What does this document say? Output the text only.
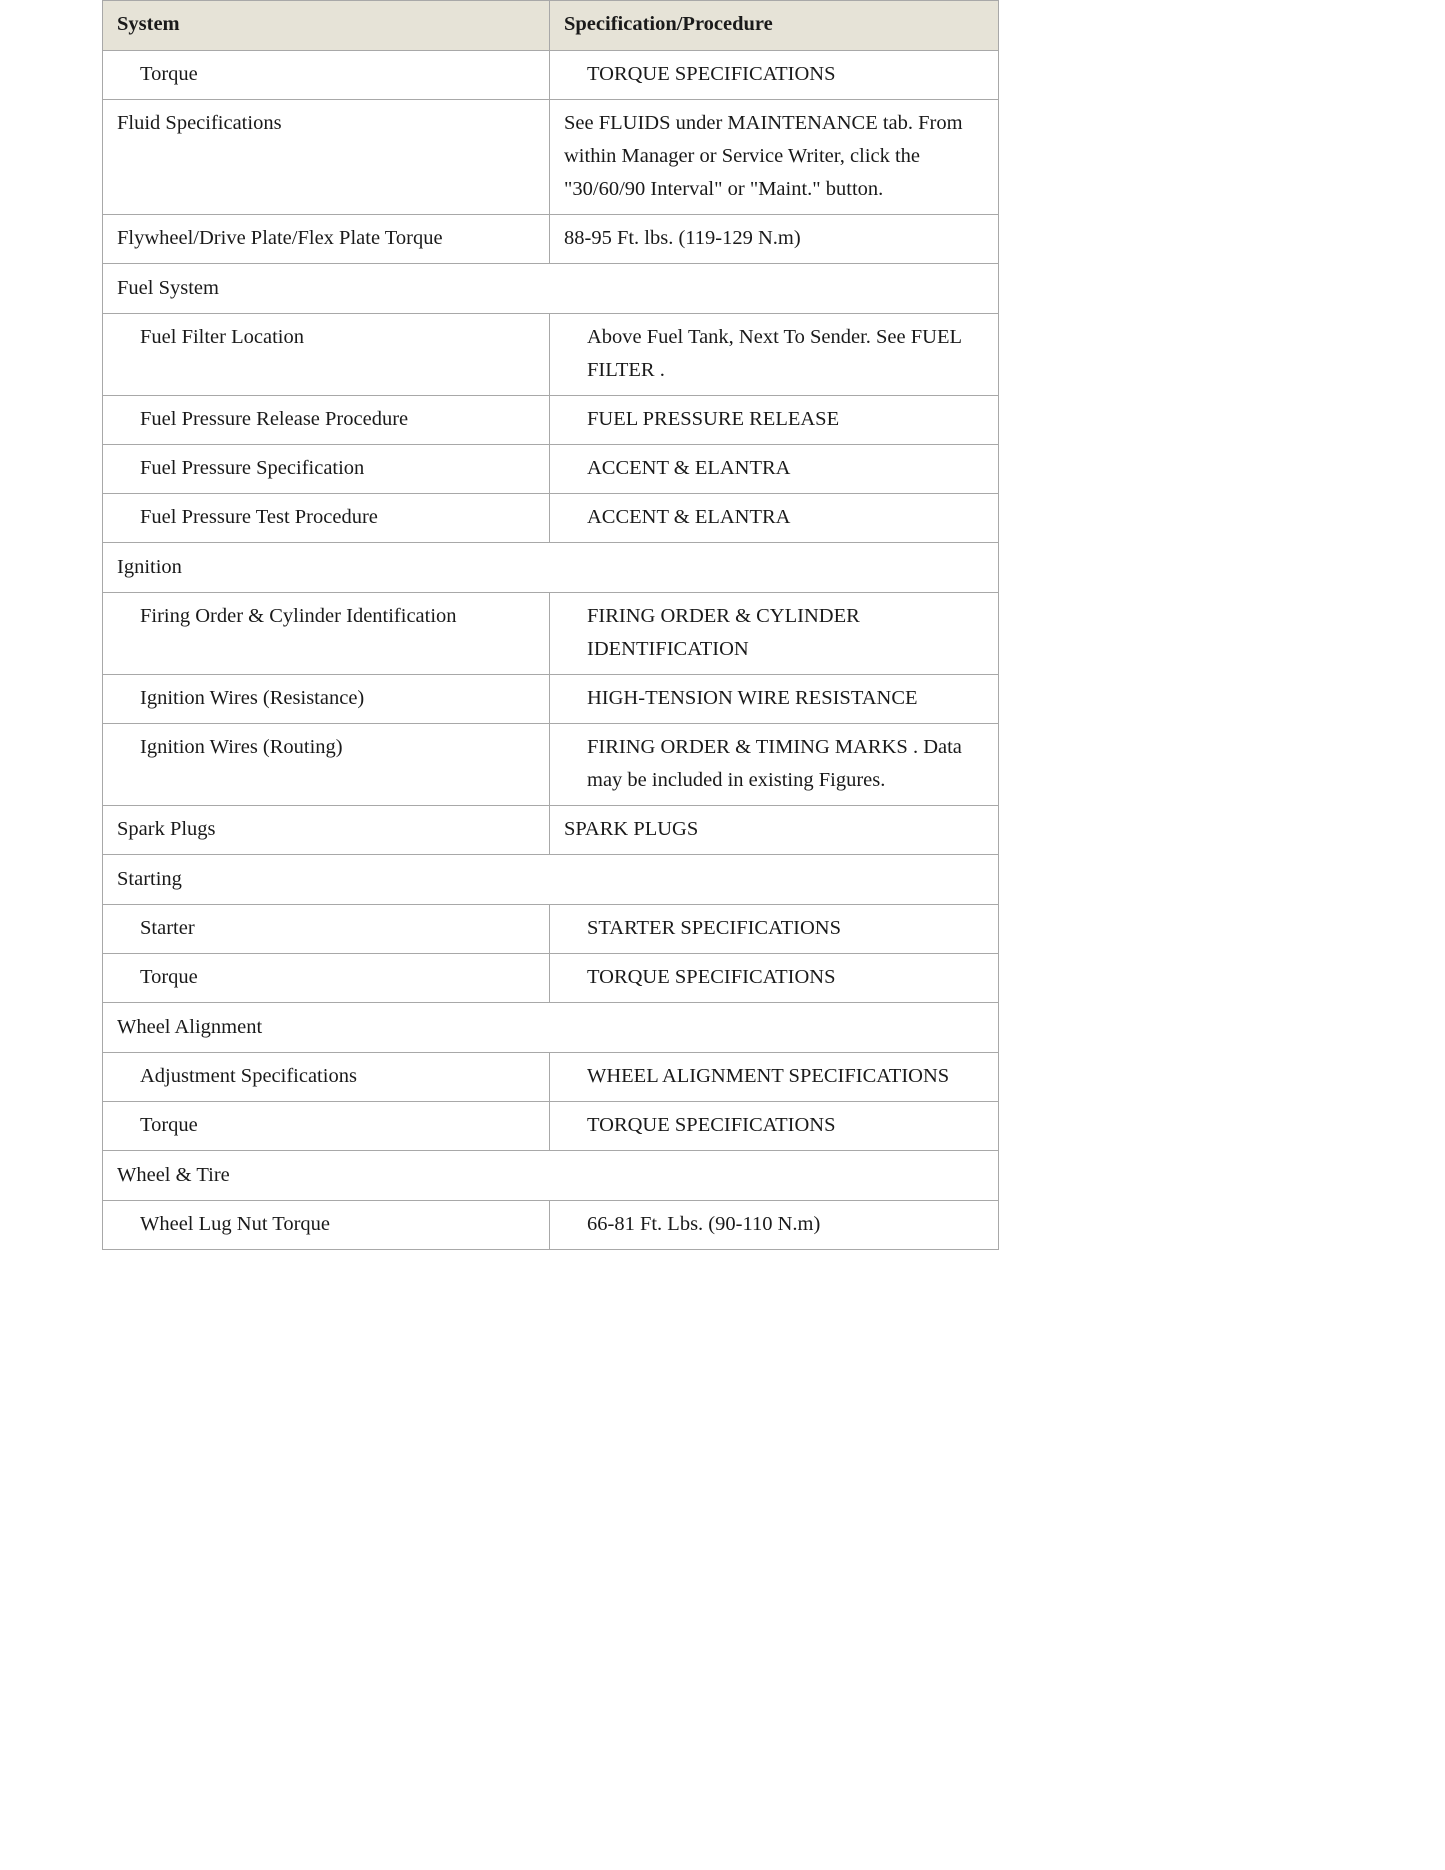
System	Specification/Procedure
Torque	TORQUE SPECIFICATIONS
Fluid Specifications	See FLUIDS under MAINTENANCE tab. From within Manager or Service Writer, click the "30/60/90 Interval" or "Maint." button.
Flywheel/Drive Plate/Flex Plate Torque	88-95 Ft. lbs. (119-129 N.m)
Fuel System	
Fuel Filter Location	Above Fuel Tank, Next To Sender. See FUEL FILTER .
Fuel Pressure Release Procedure	FUEL PRESSURE RELEASE
Fuel Pressure Specification	ACCENT & ELANTRA
Fuel Pressure Test Procedure	ACCENT & ELANTRA
Ignition	
Firing Order & Cylinder Identification	FIRING ORDER & CYLINDER IDENTIFICATION
Ignition Wires (Resistance)	HIGH-TENSION WIRE RESISTANCE
Ignition Wires (Routing)	FIRING ORDER & TIMING MARKS . Data may be included in existing Figures.
Spark Plugs	SPARK PLUGS
Starting	
Starter	STARTER SPECIFICATIONS
Torque	TORQUE SPECIFICATIONS
Wheel Alignment	
Adjustment Specifications	WHEEL ALIGNMENT SPECIFICATIONS
Torque	TORQUE SPECIFICATIONS
Wheel & Tire	
Wheel Lug Nut Torque	66-81 Ft. Lbs. (90-110 N.m)
